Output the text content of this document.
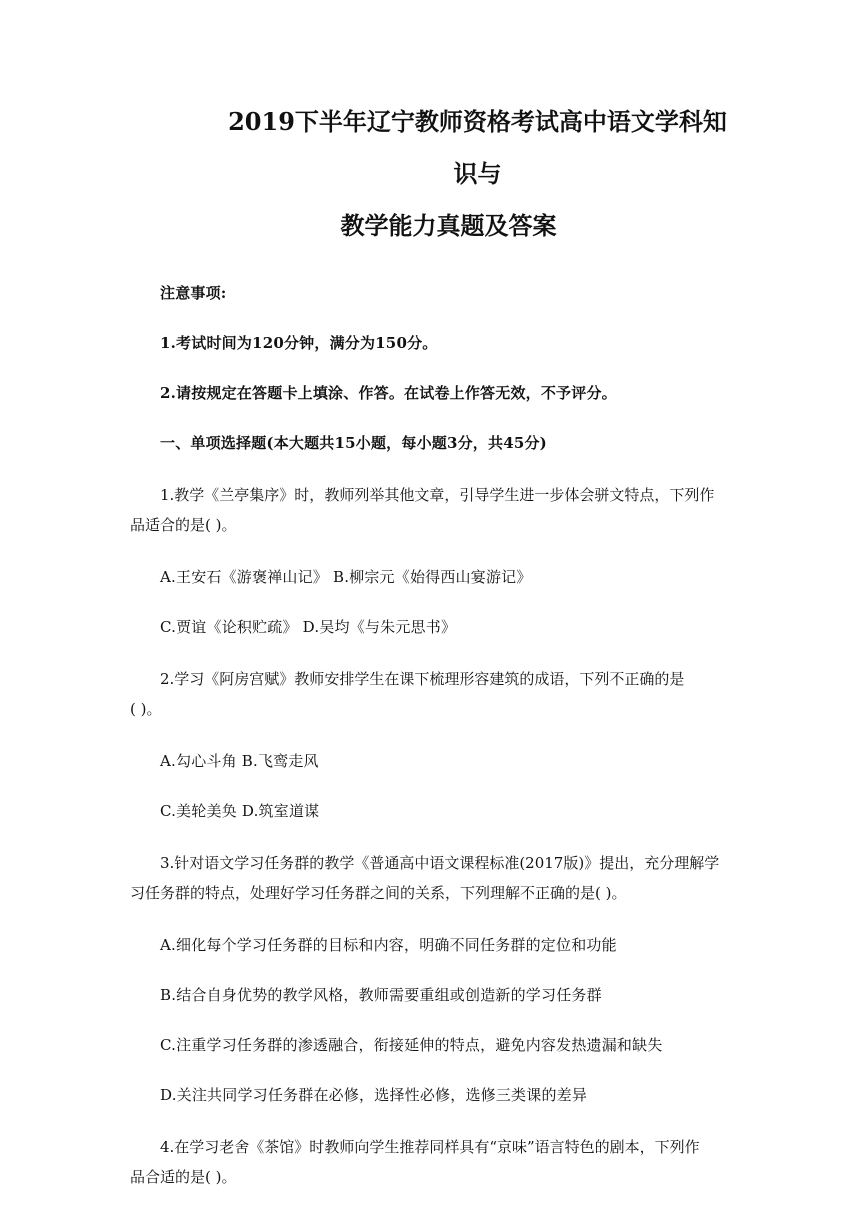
2019下半年辽宁教师资格考试高中语文学科知识与
教学能力真题及答案

注意事项:

1.考试时间为120分钟，满分为150分。

2.请按规定在答题卡上填涂、作答。在试卷上作答无效，不予评分。

一、单项选择题(本大题共15小题，每小题3分，共45分)

1.教学《兰亭集序》时，教师列举其他文章，引导学生进一步体会骈文特点，下列作
品适合的是( )。

A.王安石《游褒禅山记》 B.柳宗元《始得西山宴游记》

C.贾谊《论积贮疏》 D.吴均《与朱元思书》

2.学习《阿房宫赋》教师安排学生在课下梳理形容建筑的成语，下列不正确的是
( )。

A.勾心斗角 B.飞鸾走风

C.美轮美奂 D.筑室道谋

3.针对语文学习任务群的教学《普通高中语文课程标准(2017版)》提出，充分理解学
习任务群的特点，处理好学习任务群之间的关系，下列理解不正确的是( )。

A.细化每个学习任务群的目标和内容，明确不同任务群的定位和功能

B.结合自身优势的教学风格，教师需要重组或创造新的学习任务群

C.注重学习任务群的渗透融合，衔接延伸的特点，避免内容发热遗漏和缺失

D.关注共同学习任务群在必修，选择性必修，选修三类课的差异

4.在学习老舍《茶馆》时教师向学生推荐同样具有“京味”语言特色的剧本，下列作
品合适的是( )。
